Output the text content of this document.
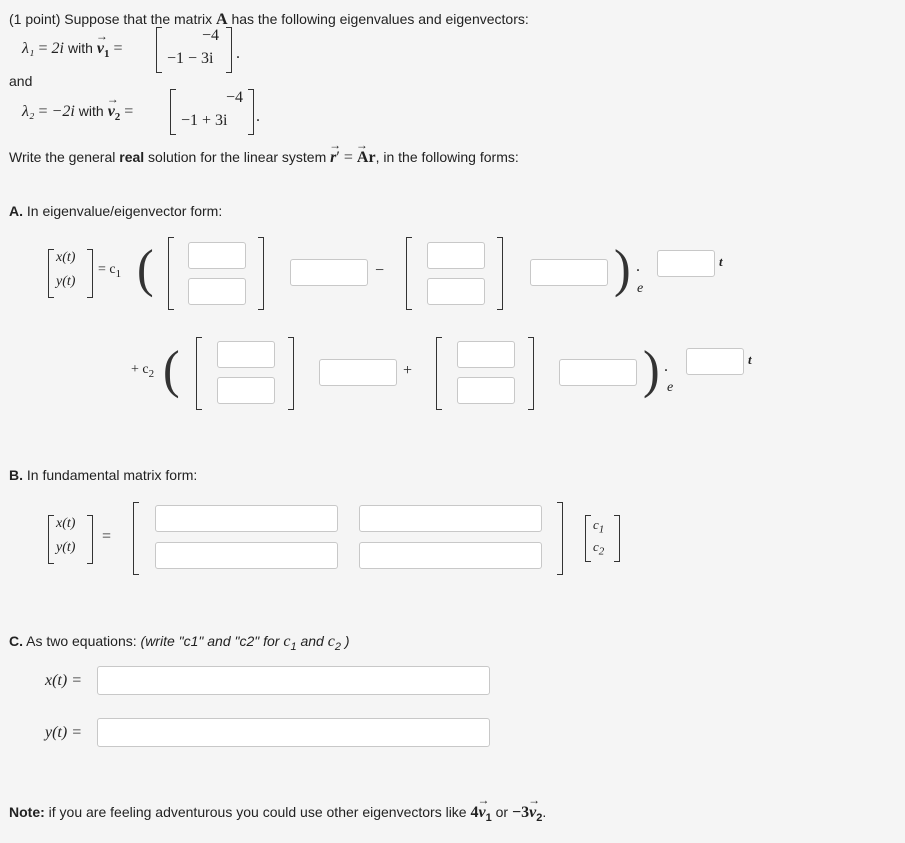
(1 point) Suppose that the matrix A has the following eigenvalues and eigenvectors:
λ₁ = 2i with → $v_1$ =
−4
−1 − 3i .
and
λ₂ = −2i with → $v_2$ =
−4
−1 + 3i .
Write the general real solution for the linear system → r′ = → Ar, in the following forms:
A. In eigenvalue/eigenvector form:
x(t)
y(t)
= $c_1$ (	−	) .
e
t
+ $c_2$ (	+	) .
e
t
B. In fundamental matrix form:
x(t)
y(t)
=
$c_1$
$c_2$
C. As two equations: (write "c1" and "c2" for $c_1$ and $c_2$ )
x(t) =
y(t) =
Note: if you are feeling adventurous you could use other eigenvectors like $4\to v_1$ or $-3\to v_2$.
